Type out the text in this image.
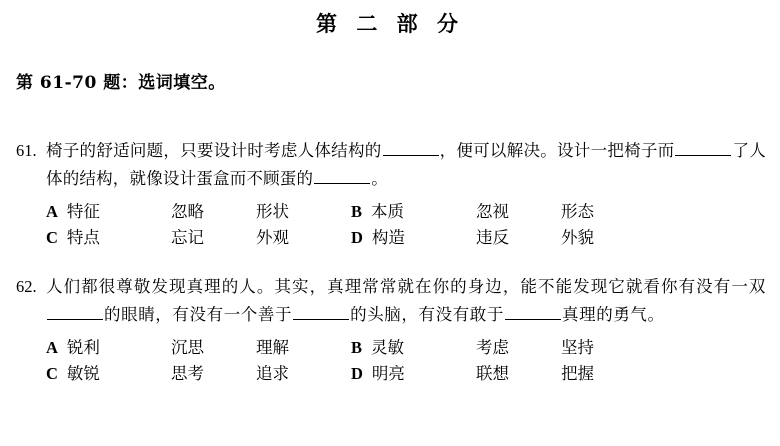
第 二 部 分
第 61-70 题：选词填空。
61. 椅子的舒适问题，只要设计时考虑人体结构的	，便可以解决。设计一把椅子而	了人体的结构，就像设计蛋盒而不顾蛋的	。
A 特征	忽略	形状	B 本质	忽视	形态
C 特点	忘记	外观	D 构造	违反	外貌
62. 人们都很尊敬发现真理的人。其实，真理常常就在你的身边，能不能发现它就看你有没有一双的眼睛，有没有一个善于	的头脑，有没有敢于	真理的勇气。
A 锐利	沉思	理解	B 灵敏	考虑	坚持
C 敏锐	思考	追求	D 明亮	联想	把握
